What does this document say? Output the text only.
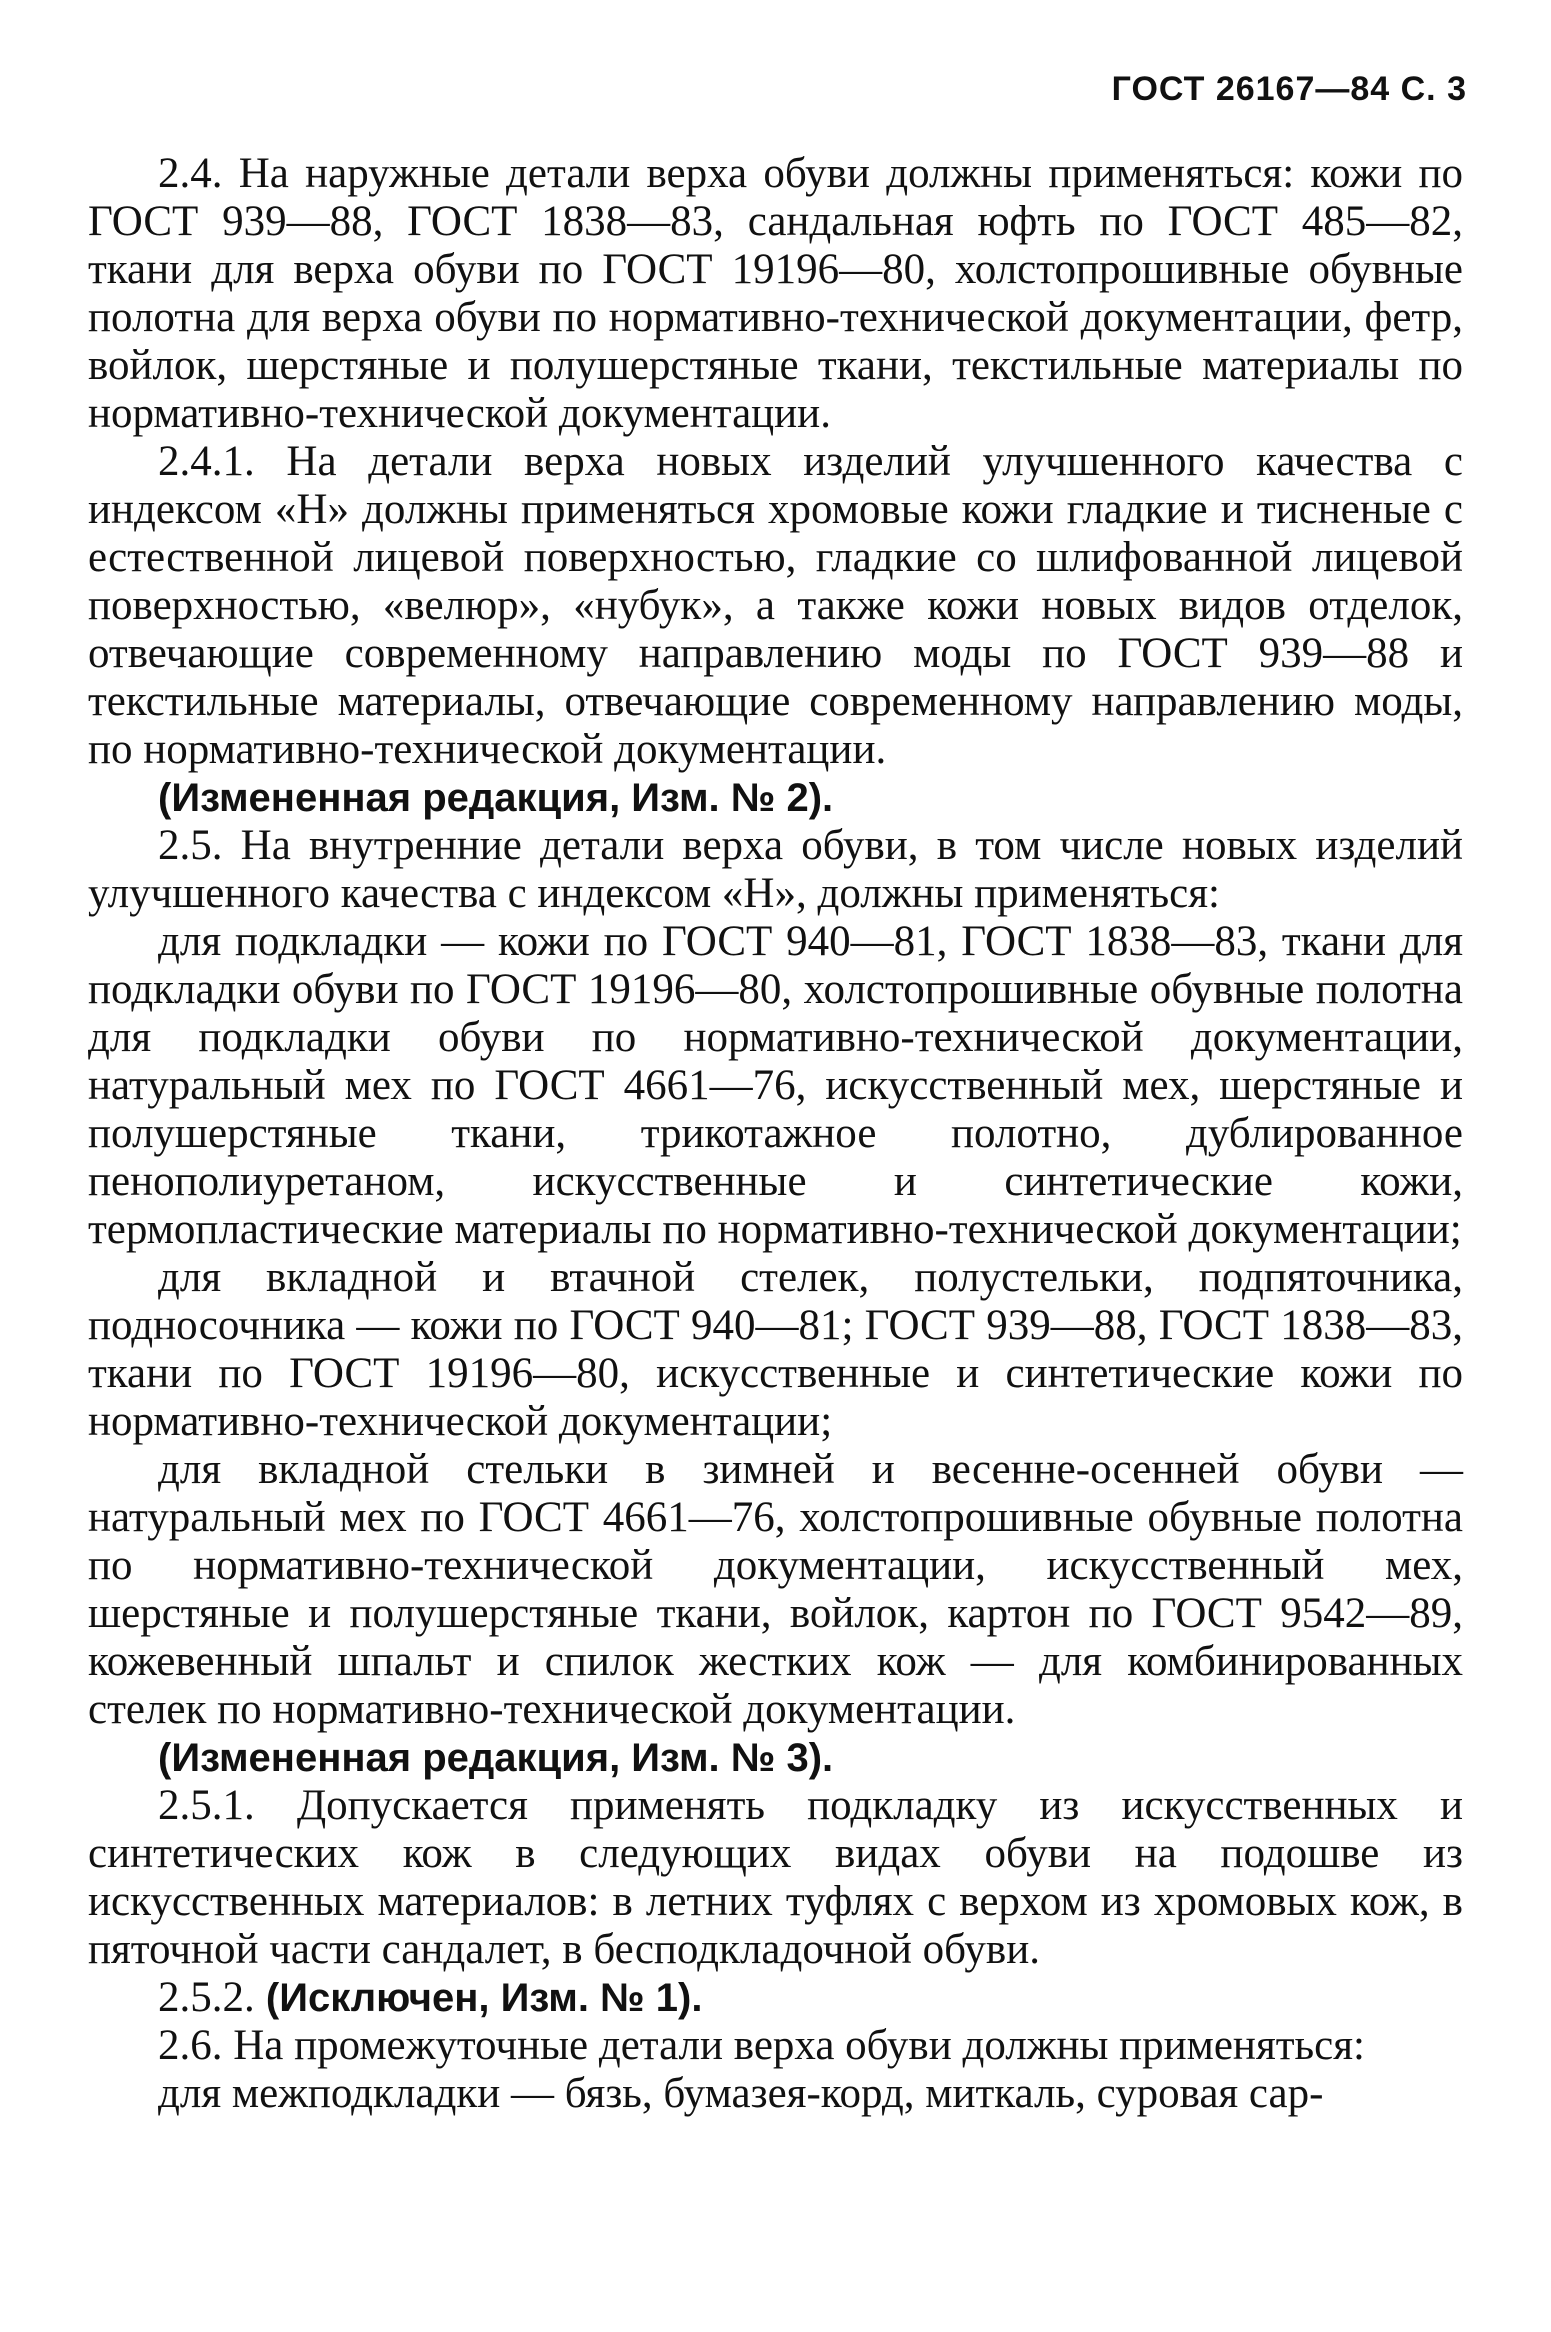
ГОСТ 26167—84 С. 3

2.4. На наружные детали верха обуви должны применяться: кожи по ГОСТ 939—88, ГОСТ 1838—83, сандальная юфть по ГОСТ 485—82, ткани для верха обуви по ГОСТ 19196—80, холстопрошивные обувные полотна для верха обуви по нормативно-технической документации, фетр, войлок, шерстяные и полушерстяные ткани, текстильные материалы по нормативно-технической документации.

2.4.1. На детали верха новых изделий улучшенного качества с индексом «Н» должны применяться хромовые кожи гладкие и тисненые с естественной лицевой поверхностью, гладкие со шлифованной лицевой поверхностью, «велюр», «нубук», а также кожи новых видов отделок, отвечающие современному направлению моды по ГОСТ 939—88 и текстильные материалы, отвечающие современному направлению моды, по нормативно-технической документации.

(Измененная редакция, Изм. № 2).

2.5. На внутренние детали верха обуви, в том числе новых изделий улучшенного качества с индексом «Н», должны применяться:

для подкладки — кожи по ГОСТ 940—81, ГОСТ 1838—83, ткани для подкладки обуви по ГОСТ 19196—80, холстопрошивные обувные полотна для подкладки обуви по нормативно-технической документации, натуральный мех по ГОСТ 4661—76, искусственный мех, шерстяные и полушерстяные ткани, трикотажное полотно, дублированное пенополиуретаном, искусственные и синтетические кожи, термопластические материалы по нормативно-технической документации;

для вкладной и втачной стелек, полустельки, подпяточника, подносочника — кожи по ГОСТ 940—81; ГОСТ 939—88, ГОСТ 1838—83, ткани по ГОСТ 19196—80, искусственные и синтетические кожи по нормативно-технической документации;

для вкладной стельки в зимней и весенне-осенней обуви — натуральный мех по ГОСТ 4661—76, холстопрошивные обувные полотна по нормативно-технической документации, искусственный мех, шерстяные и полушерстяные ткани, войлок, картон по ГОСТ 9542—89, кожевенный шпальт и спилок жестких кож — для комбинированных стелек по нормативно-технической документации.

(Измененная редакция, Изм. № 3).

2.5.1. Допускается применять подкладку из искусственных и синтетических кож в следующих видах обуви на подошве из искусственных материалов: в летних туфлях с верхом из хромовых кож, в пяточной части сандалет, в бесподкладочной обуви.

2.5.2. (Исключен, Изм. № 1).

2.6. На промежуточные детали верха обуви должны применяться:

для межподкладки — бязь, бумазея-корд, миткаль, суровая сар-
